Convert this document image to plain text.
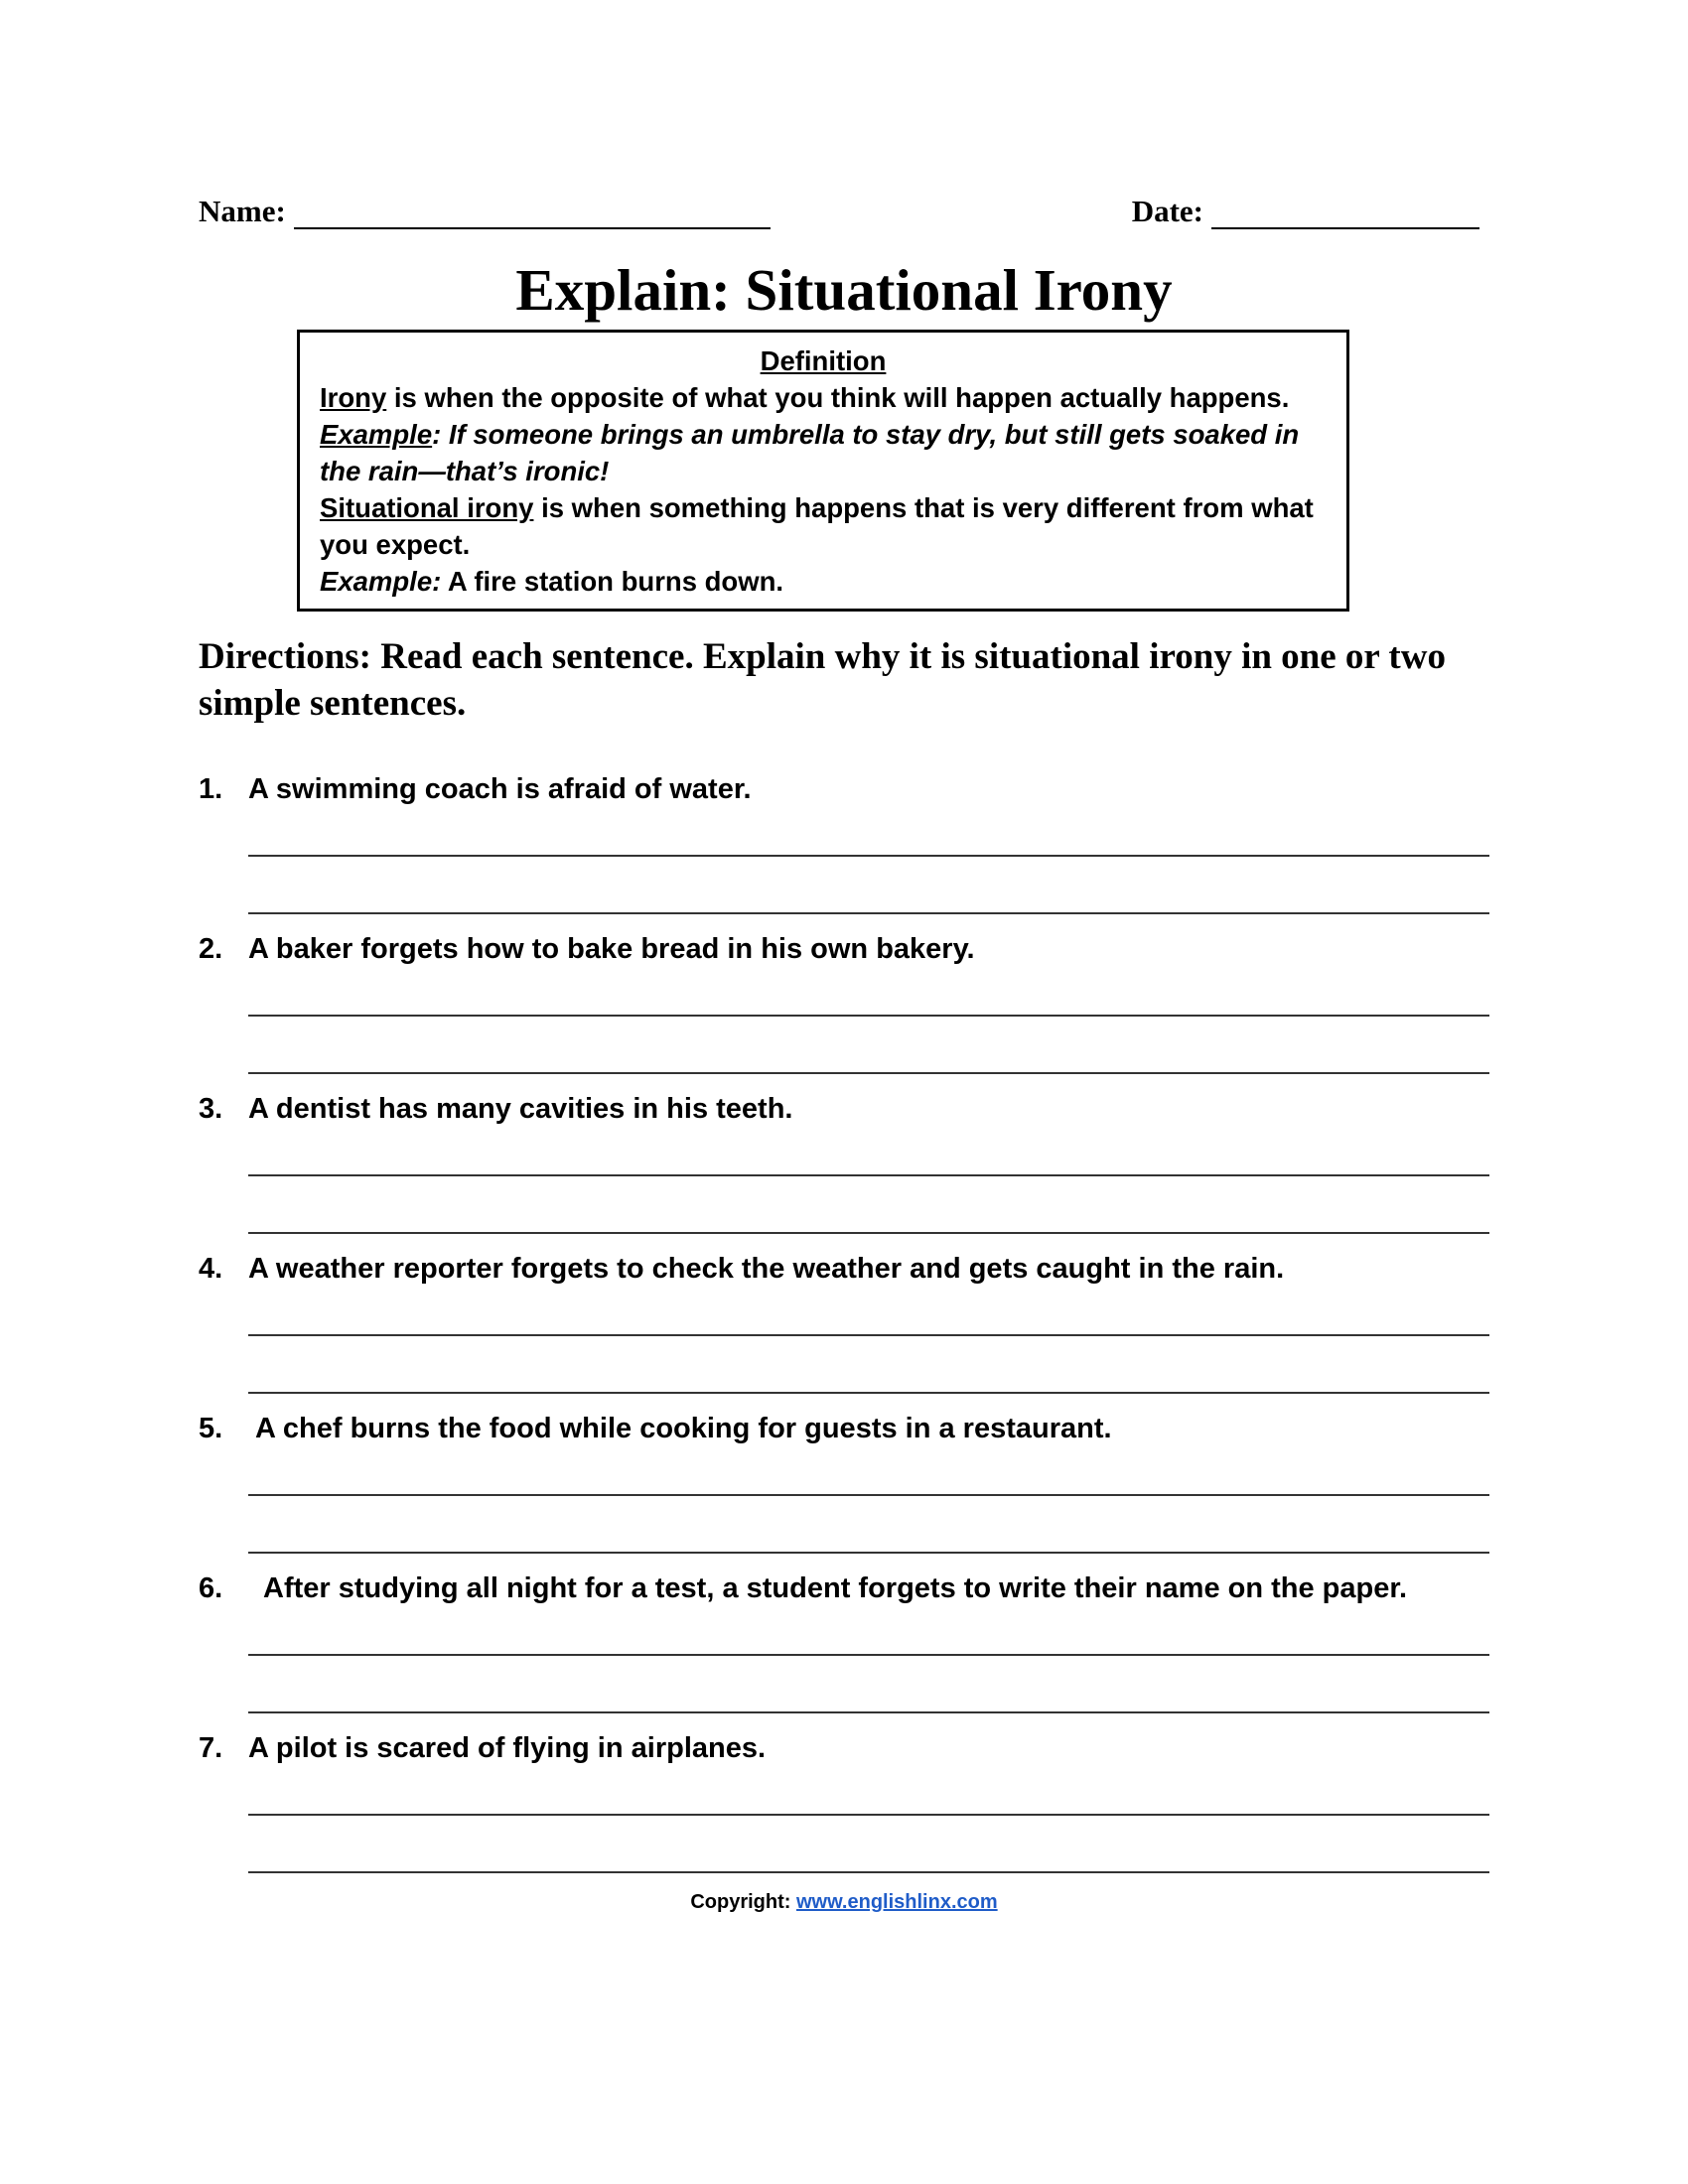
Name:	Date:
Explain: Situational Irony
Definition

Irony is when the opposite of what you think will happen actually happens.

Example: If someone brings an umbrella to stay dry, but still gets soaked in the rain—that’s ironic!

Situational irony is when something happens that is very different from what you expect.

Example: A fire station burns down.

Directions: Read each sentence. Explain why it is situational irony in one or two simple sentences.

1. A swimming coach is afraid of water.
2. A baker forgets how to bake bread in his own bakery.
3. A dentist has many cavities in his teeth.
4. A weather reporter forgets to check the weather and gets caught in the rain.
5. A chef burns the food while cooking for guests in a restaurant.
6. After studying all night for a test, a student forgets to write their name on the paper.
7. A pilot is scared of flying in airplanes.
Copyright: www.englishlinx.com
